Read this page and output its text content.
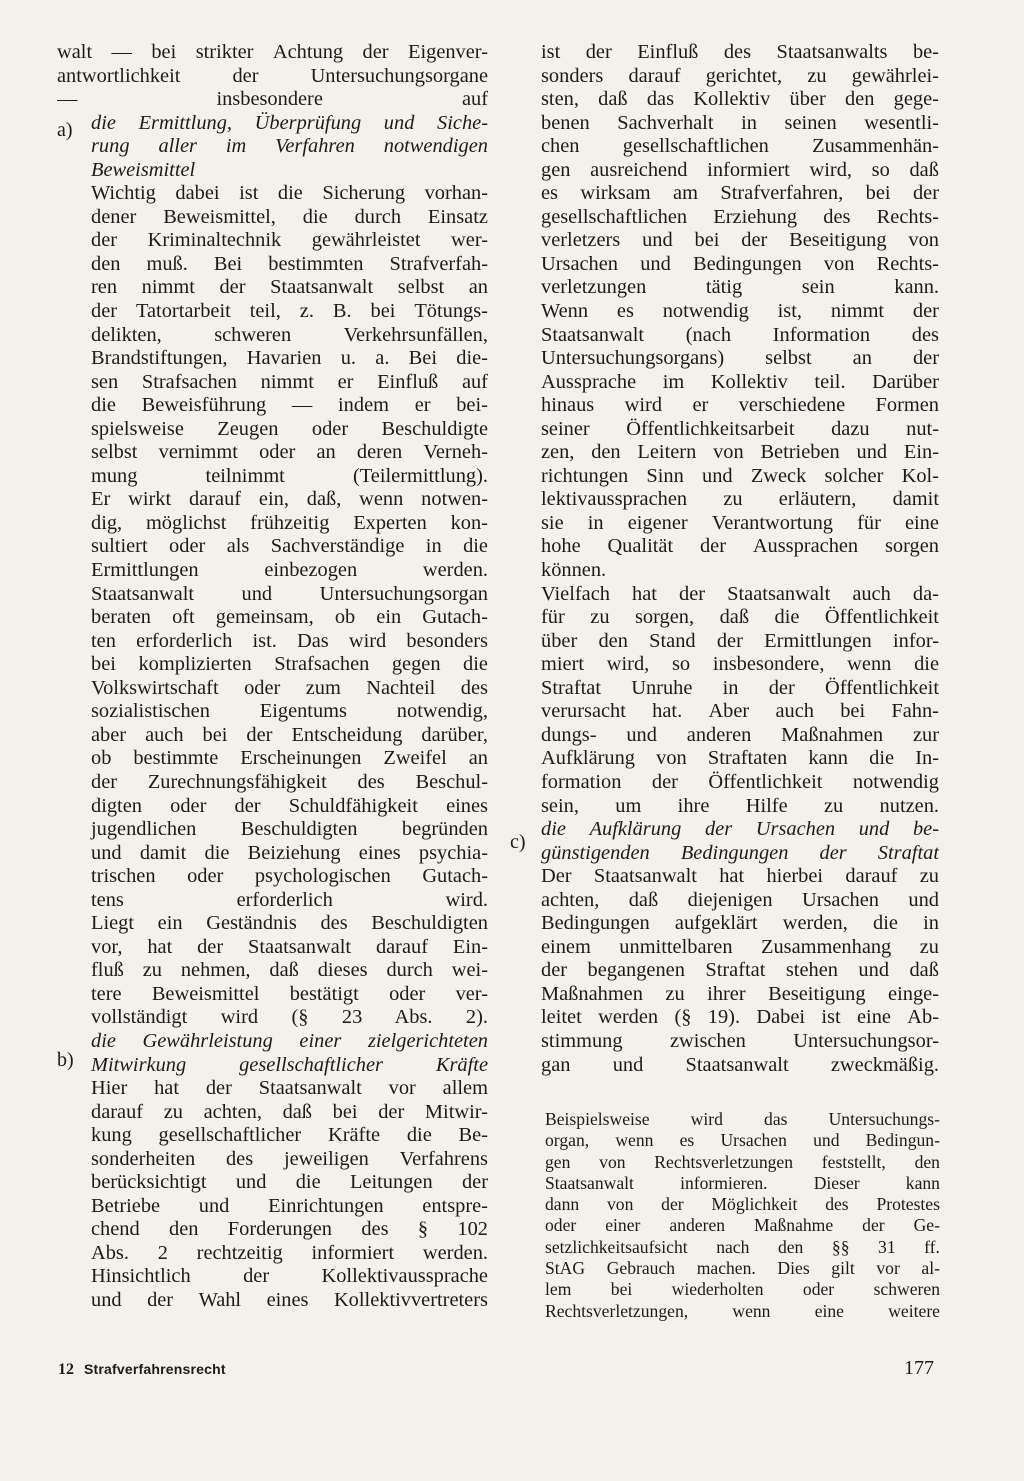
walt — bei strikter Achtung der Eigenver-
antwortlichkeit	der	Untersuchungsorgane
— insbesondere auf
die Ermittlung, Überprüfung und Siche-
rung aller im Verfahren notwendigen
Beweismittel
Wichtig dabei ist die Sicherung vorhan-
dener Beweismittel, die durch Einsatz
der Kriminaltechnik gewährleistet wer-
den muß. Bei bestimmten Strafverfah-
ren nimmt der Staatsanwalt selbst an
der Tatortarbeit teil, z. B. bei Tötungs-
delikten,	schweren	Verkehrsunfällen,
Brandstiftungen, Havarien u. a. Bei die-
sen Strafsachen nimmt er Einfluß auf
die Beweisführung — indem er bei-
spielsweise Zeugen oder Beschuldigte
selbst vernimmt oder an deren Verneh-
mung teilnimmt (Teilermittlung).
Er wirkt darauf ein, daß, wenn notwen-
dig, möglichst frühzeitig Experten kon-
sultiert oder als Sachverständige in die
Ermittlungen	einbezogen	werden.
Staatsanwalt und Untersuchungsorgan
beraten oft gemeinsam, ob ein Gutach-
ten erforderlich ist. Das wird besonders
bei komplizierten Strafsachen gegen die
Volkswirtschaft oder zum Nachteil des
sozialistischen Eigentums notwendig,
aber auch bei der Entscheidung darüber,
ob bestimmte Erscheinungen Zweifel an
der Zurechnungsfähigkeit des Beschul-
digten oder der Schuldfähigkeit eines
jugendlichen Beschuldigten begründen
und damit die Beiziehung eines psychia-
trischen oder psychologischen Gutach-
tens erforderlich wird.
Liegt ein Geständnis des Beschuldigten
vor, hat der Staatsanwalt darauf Ein-
fluß zu nehmen, daß dieses durch wei-
tere Beweismittel bestätigt oder ver-
vollständigt wird (§ 23 Abs. 2).
die Gewährleistung einer zielgerichteten
Mitwirkung gesellschaftlicher Kräfte
Hier hat der Staatsanwalt vor allem
darauf zu achten, daß bei der Mitwir-
kung gesellschaftlicher Kräfte die Be-
sonderheiten des jeweiligen Verfahrens
berücksichtigt und die Leitungen der
Betriebe und Einrichtungen entspre-
chend den Forderungen des § 102
Abs. 2 rechtzeitig informiert werden.
Hinsichtlich	der	Kollektivaussprache
und der Wahl eines Kollektivvertreters
ist der Einfluß des Staatsanwalts be-
sonders darauf gerichtet, zu gewährlei-
sten, daß das Kollektiv über den gege-
benen Sachverhalt in seinen wesentli-
chen gesellschaftlichen Zusammenhän-
gen ausreichend informiert wird, so daß
es wirksam am Strafverfahren, bei der
gesellschaftlichen Erziehung des Rechts-
verletzers und bei der Beseitigung von
Ursachen und Bedingungen von Rechts-
verletzungen tätig sein kann.
Wenn es notwendig ist, nimmt der
Staatsanwalt (nach Information des
Untersuchungsorgans) selbst an der
Aussprache im Kollektiv teil. Darüber
hinaus wird er verschiedene Formen
seiner Öffentlichkeitsarbeit dazu nut-
zen, den Leitern von Betrieben und Ein-
richtungen Sinn und Zweck solcher Kol-
lektivaussprachen zu erläutern, damit
sie in eigener Verantwortung für eine
hohe Qualität der Aussprachen sorgen
können.
Vielfach hat der Staatsanwalt auch da-
für zu sorgen, daß die Öffentlichkeit
über den Stand der Ermittlungen infor-
miert wird, so insbesondere, wenn die
Straftat Unruhe in der Öffentlichkeit
verursacht hat. Aber auch bei Fahn-
dungs- und anderen Maßnahmen zur
Aufklärung von Straftaten kann die In-
formation der Öffentlichkeit notwendig
sein, um ihre Hilfe zu nutzen.
die Aufklärung der Ursachen und be-
günstigenden Bedingungen der Straftat
Der Staatsanwalt hat hierbei darauf zu
achten, daß diejenigen Ursachen und
Bedingungen aufgeklärt werden, die in
einem unmittelbaren Zusammenhang zu
der begangenen Straftat stehen und daß
Maßnahmen zu ihrer Beseitigung einge-
leitet werden (§ 19). Dabei ist eine Ab-
stimmung zwischen Untersuchungsor-
gan und Staatsanwalt zweckmäßig.
a)
b)
c)
Beispielsweise wird das Untersuchungs-
organ, wenn es Ursachen und Bedingun-
gen von Rechtsverletzungen feststellt, den
Staatsanwalt	informieren.	Dieser	kann
dann von der Möglichkeit des Protestes
oder einer anderen Maßnahme der Ge-
setzlichkeitsaufsicht nach den §§ 31 ff.
StAG Gebrauch machen. Dies gilt vor al-
lem bei wiederholten oder schweren
Rechtsverletzungen,	wenn	eine	weitere
12 Strafverfahrensrecht	177
